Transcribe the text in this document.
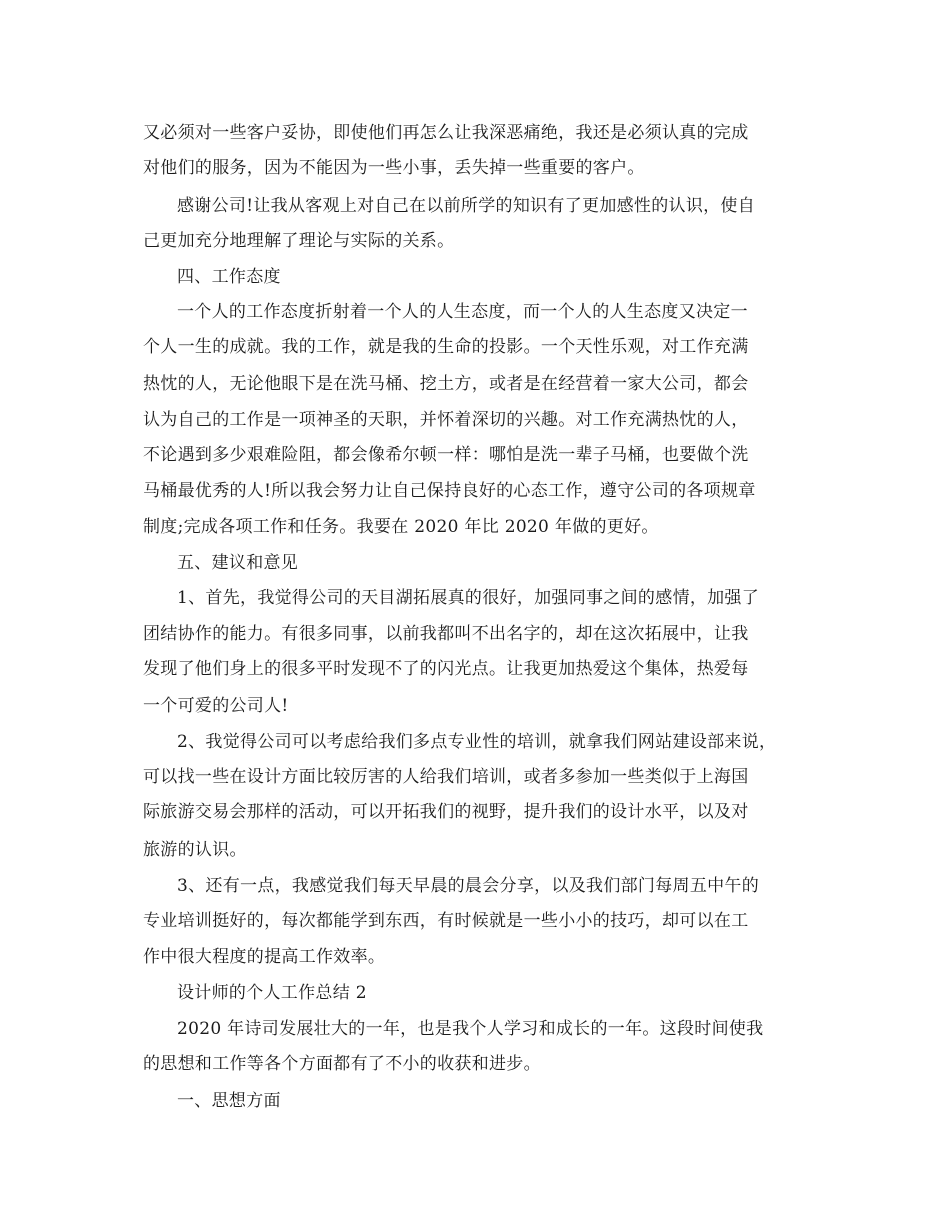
又必须对一些客户妥协，即使他们再怎么让我深恶痛绝，我还是必须认真的完成
对他们的服务，因为不能因为一些小事，丢失掉一些重要的客户。
感谢公司!让我从客观上对自己在以前所学的知识有了更加感性的认识，使自
己更加充分地理解了理论与实际的关系。
四、工作态度
一个人的工作态度折射着一个人的人生态度，而一个人的人生态度又决定一
个人一生的成就。我的工作，就是我的生命的投影。一个天性乐观，对工作充满
热忱的人，无论他眼下是在洗马桶、挖土方，或者是在经营着一家大公司，都会
认为自己的工作是一项神圣的天职，并怀着深切的兴趣。对工作充满热忱的人，
不论遇到多少艰难险阻，都会像希尔顿一样：哪怕是洗一辈子马桶，也要做个洗
马桶最优秀的人!所以我会努力让自己保持良好的心态工作，遵守公司的各项规章
制度;完成各项工作和任务。我要在 2020 年比 2020 年做的更好。
五、建议和意见
1、首先，我觉得公司的天目湖拓展真的很好，加强同事之间的感情，加强了
团结协作的能力。有很多同事，以前我都叫不出名字的，却在这次拓展中，让我
发现了他们身上的很多平时发现不了的闪光点。让我更加热爱这个集体，热爱每
一个可爱的公司人!
2、我觉得公司可以考虑给我们多点专业性的培训，就拿我们网站建设部来说，
可以找一些在设计方面比较厉害的人给我们培训，或者多参加一些类似于上海国
际旅游交易会那样的活动，可以开拓我们的视野，提升我们的设计水平，以及对
旅游的认识。
3、还有一点，我感觉我们每天早晨的晨会分享，以及我们部门每周五中午的
专业培训挺好的，每次都能学到东西，有时候就是一些小小的技巧，却可以在工
作中很大程度的提高工作效率。
设计师的个人工作总结 2
2020 年诗司发展壮大的一年，也是我个人学习和成长的一年。这段时间使我
的思想和工作等各个方面都有了不小的收获和进步。
一、思想方面
